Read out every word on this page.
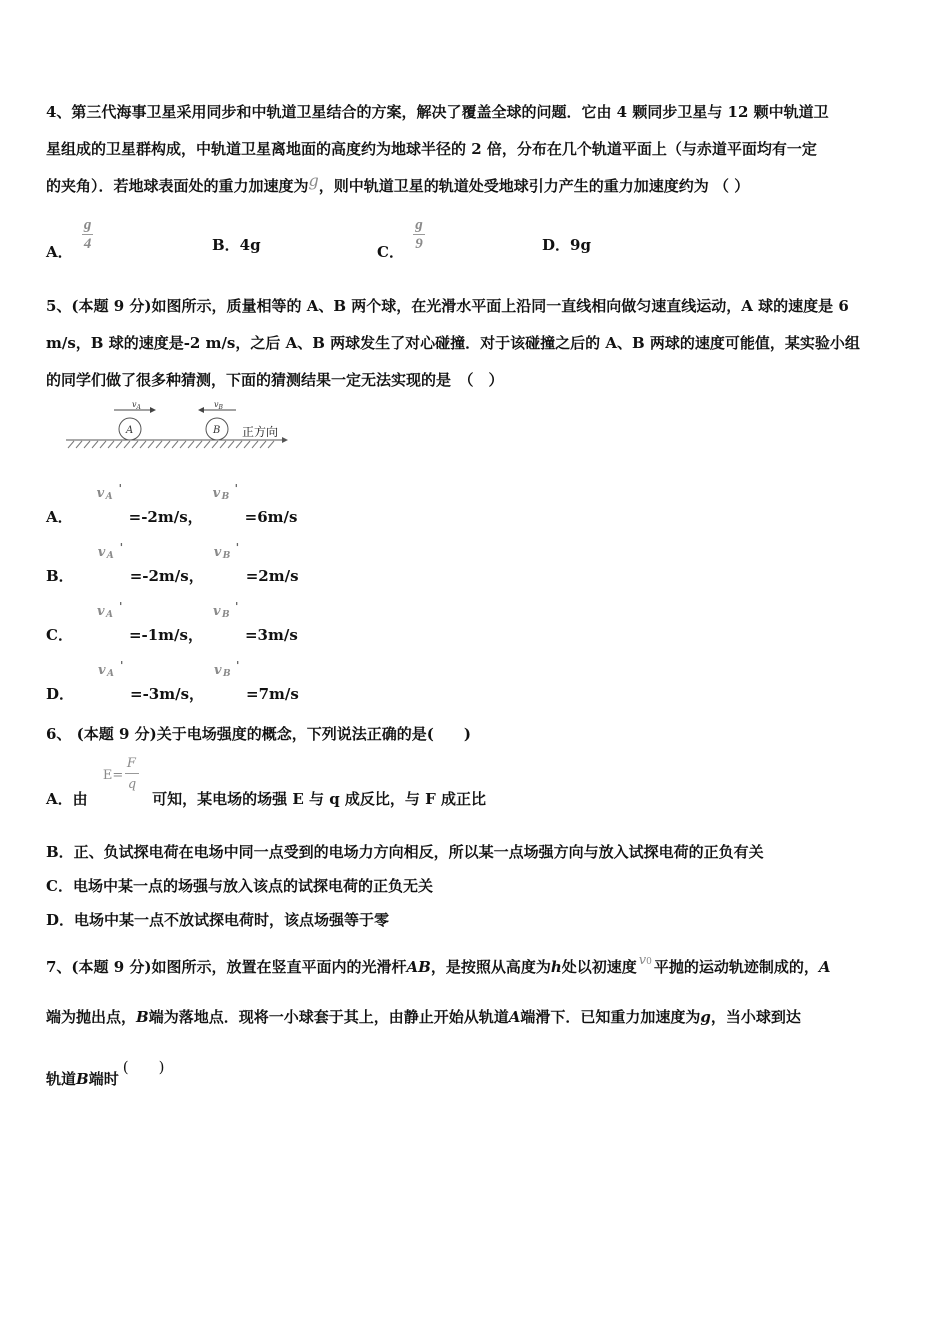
4、第三代海事卫星采用同步和中轨道卫星结合的方案，解决了覆盖全球的问题．它由 4 颗同步卫星与 12 颗中轨道卫
星组成的卫星群构成，中轨道卫星离地面的高度约为地球半径的 2 倍，分布在几个轨道平面上（与赤道平面均有一定
的夹角）．若地球表面处的重力加速度为g，则中轨道卫星的轨道处受地球引力产生的重力加速度约为 （ ）
A． $\frac{g}{4}$	B．4g	C． $\frac{g}{9}$	D．9g
5、(本题 9 分)如图所示，质量相等的 A、B 两个球，在光滑水平面上沿同一直线相向做匀速直线运动，A 球的速度是 6
m/s，B 球的速度是-2 m/s，之后 A、B 两球发生了对心碰撞．对于该碰撞之后的 A、B 两球的速度可能值，某实验小组
的同学们做了很多种猜测，下面的猜测结果一定无法实现的是　（　）
$v_A$	$v_B$
A	B 正方向
A．
v A
'
=-2m/s，
v B
'
=6m/s
B．
v A
'
=-2m/s，
v B
'
=2m/s
C．
v A
'
=-1m/s，
v B
'
=3m/s
D．
v A
'
=-3m/s，
v B
'
=7m/s
6、 (本题 9 分)关于电场强度的概念，下列说法正确的是(　　)
A．由
E=
F
q
可知，某电场的场强 E 与 q 成反比，与 F 成正比
B．正、负试探电荷在电场中同一点受到的电场力方向相反，所以某一点场强方向与放入试探电荷的正负有关
C．电场中某一点的场强与放入该点的试探电荷的正负无关
D．电场中某一点不放试探电荷时，该点场强等于零
7、(本题 9 分)如图所示，放置在竖直平面内的光滑杆AB，是按照从高度为h处以初速度 v0 平抛的运动轨迹制成的，A
端为抛出点，B端为落地点．现将一小球套于其上，由静止开始从轨道A端滑下．已知重力加速度为g，当小球到达
轨道B端时(　　)
